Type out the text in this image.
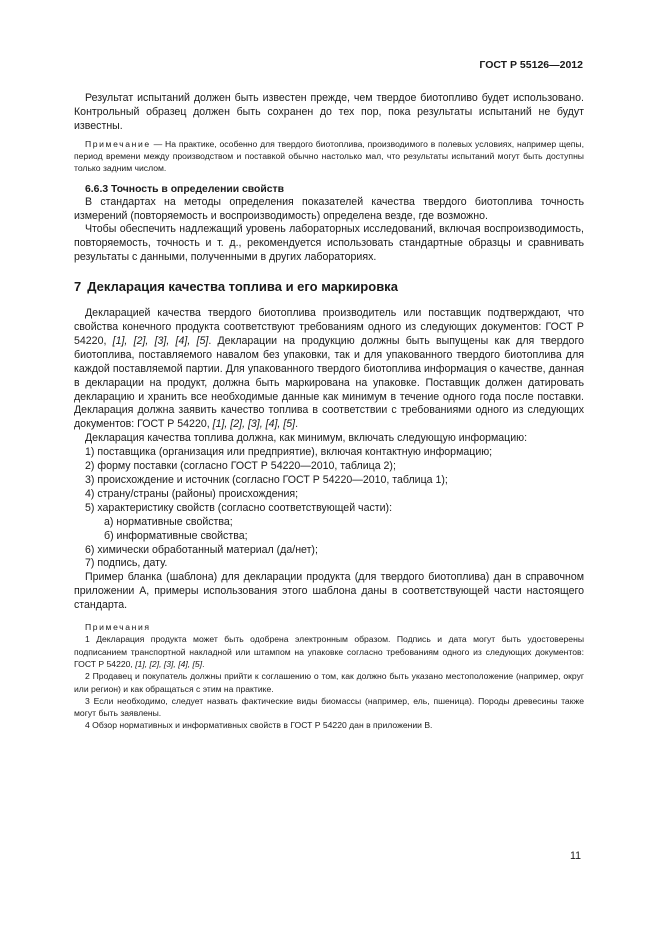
ГОСТ Р 55126—2012

Результат испытаний должен быть известен прежде, чем твердое биотопливо будет использовано. Контрольный образец должен быть сохранен до тех пор, пока результаты испытаний не будут известны.

Примечание — На практике, особенно для твердого биотоплива, производимого в полевых условиях, например щепы, период времени между производством и поставкой обычно настолько мал, что результаты испытаний могут быть доступны только задним числом.

6.6.3 Точность в определении свойств

В стандартах на методы определения показателей качества твердого биотоплива точность измерений (повторяемость и воспроизводимость) определена везде, где возможно.

Чтобы обеспечить надлежащий уровень лабораторных исследований, включая воспроизводимость, повторяемость, точность и т. д., рекомендуется использовать стандартные образцы и сравнивать результаты с данными, полученными в других лабораториях.

7 Декларация качества топлива и его маркировка

Декларацией качества твердого биотоплива производитель или поставщик подтверждают, что свойства конечного продукта соответствуют требованиям одного из следующих документов: ГОСТ Р 54220, [1], [2], [3], [4], [5]. Декларации на продукцию должны быть выпущены как для твердого биотоплива, поставляемого навалом без упаковки, так и для упакованного твердого биотоплива для каждой поставляемой партии. Для упакованного твердого биотоплива информация о качестве, данная в декларации на продукт, должна быть маркирована на упаковке. Поставщик должен датировать декларацию и хранить все необходимые данные как минимум в течение одного года после поставки. Декларация должна заявить качество топлива в соответствии с требованиями одного из следующих документов: ГОСТ Р 54220, [1], [2], [3], [4], [5].

Декларация качества топлива должна, как минимум, включать следующую информацию:

1) поставщика (организация или предприятие), включая контактную информацию;

2) форму поставки (согласно ГОСТ Р 54220—2010, таблица 2);

3) происхождение и источник (согласно ГОСТ Р 54220—2010, таблица 1);

4) страну/страны (районы) происхождения;

5) характеристику свойств (согласно соответствующей части):

а) нормативные свойства;

б) информативные свойства;

6) химически обработанный материал (да/нет);

7) подпись, дату.

Пример бланка (шаблона) для декларации продукта (для твердого биотоплива) дан в справочном приложении А, примеры использования этого шаблона даны в соответствующей части настоящего стандарта.

Примечания

1 Декларация продукта может быть одобрена электронным образом. Подпись и дата могут быть удостоверены подписанием транспортной накладной или штампом на упаковке согласно требованиям одного из следующих документов: ГОСТ Р 54220, [1], [2], [3], [4], [5].

2 Продавец и покупатель должны прийти к соглашению о том, как должно быть указано местоположение (например, округ или регион) и как обращаться с этим на практике.

3 Если необходимо, следует назвать фактические виды биомассы (например, ель, пшеница). Породы древесины также могут быть заявлены.

4 Обзор нормативных и информативных свойств в ГОСТ Р 54220 дан в приложении В.

11
